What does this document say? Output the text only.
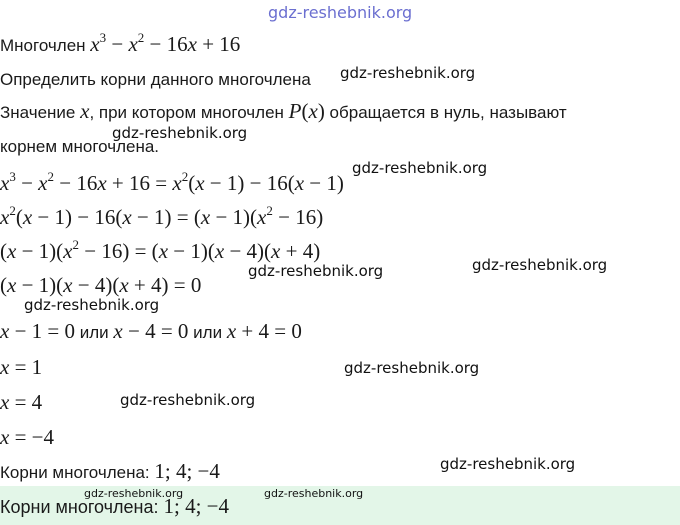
gdz-reshebnik.org
Многочлен $x^3 - x^2 - 16x + 16$
Определить корни данного многочлена gdz-reshebnik.org
Значение x, при котором многочлен P(x) обращается в нуль, называют
gdz-reshebnik.org
корнем многочлена.
$x^3 - x^2 - 16x + 16 = x^2(x - 1) - 16(x - 1)$
gdz-reshebnik.org
$x^2(x - 1) - 16(x - 1) = (x - 1)(x^2 - 16)$
$(x - 1)(x^2 - 16) = (x - 1)(x - 4)(x + 4)$
(x − 1)(x − 4)(x + 4) = 0
gdz-reshebnik.org	gdz-reshebnik.org
gdz-reshebnik.org
x − 1 = 0 или x − 4 = 0 или x + 4 = 0
x = 1	gdz-reshebnik.org
x = 4	gdz-reshebnik.org
x = −4
Корни многочлена: 1; 4; −4	gdz-reshebnik.org
gdz-reshebnik.org	gdz-reshebnik.org
Корни многочлена: 1; 4; −4
